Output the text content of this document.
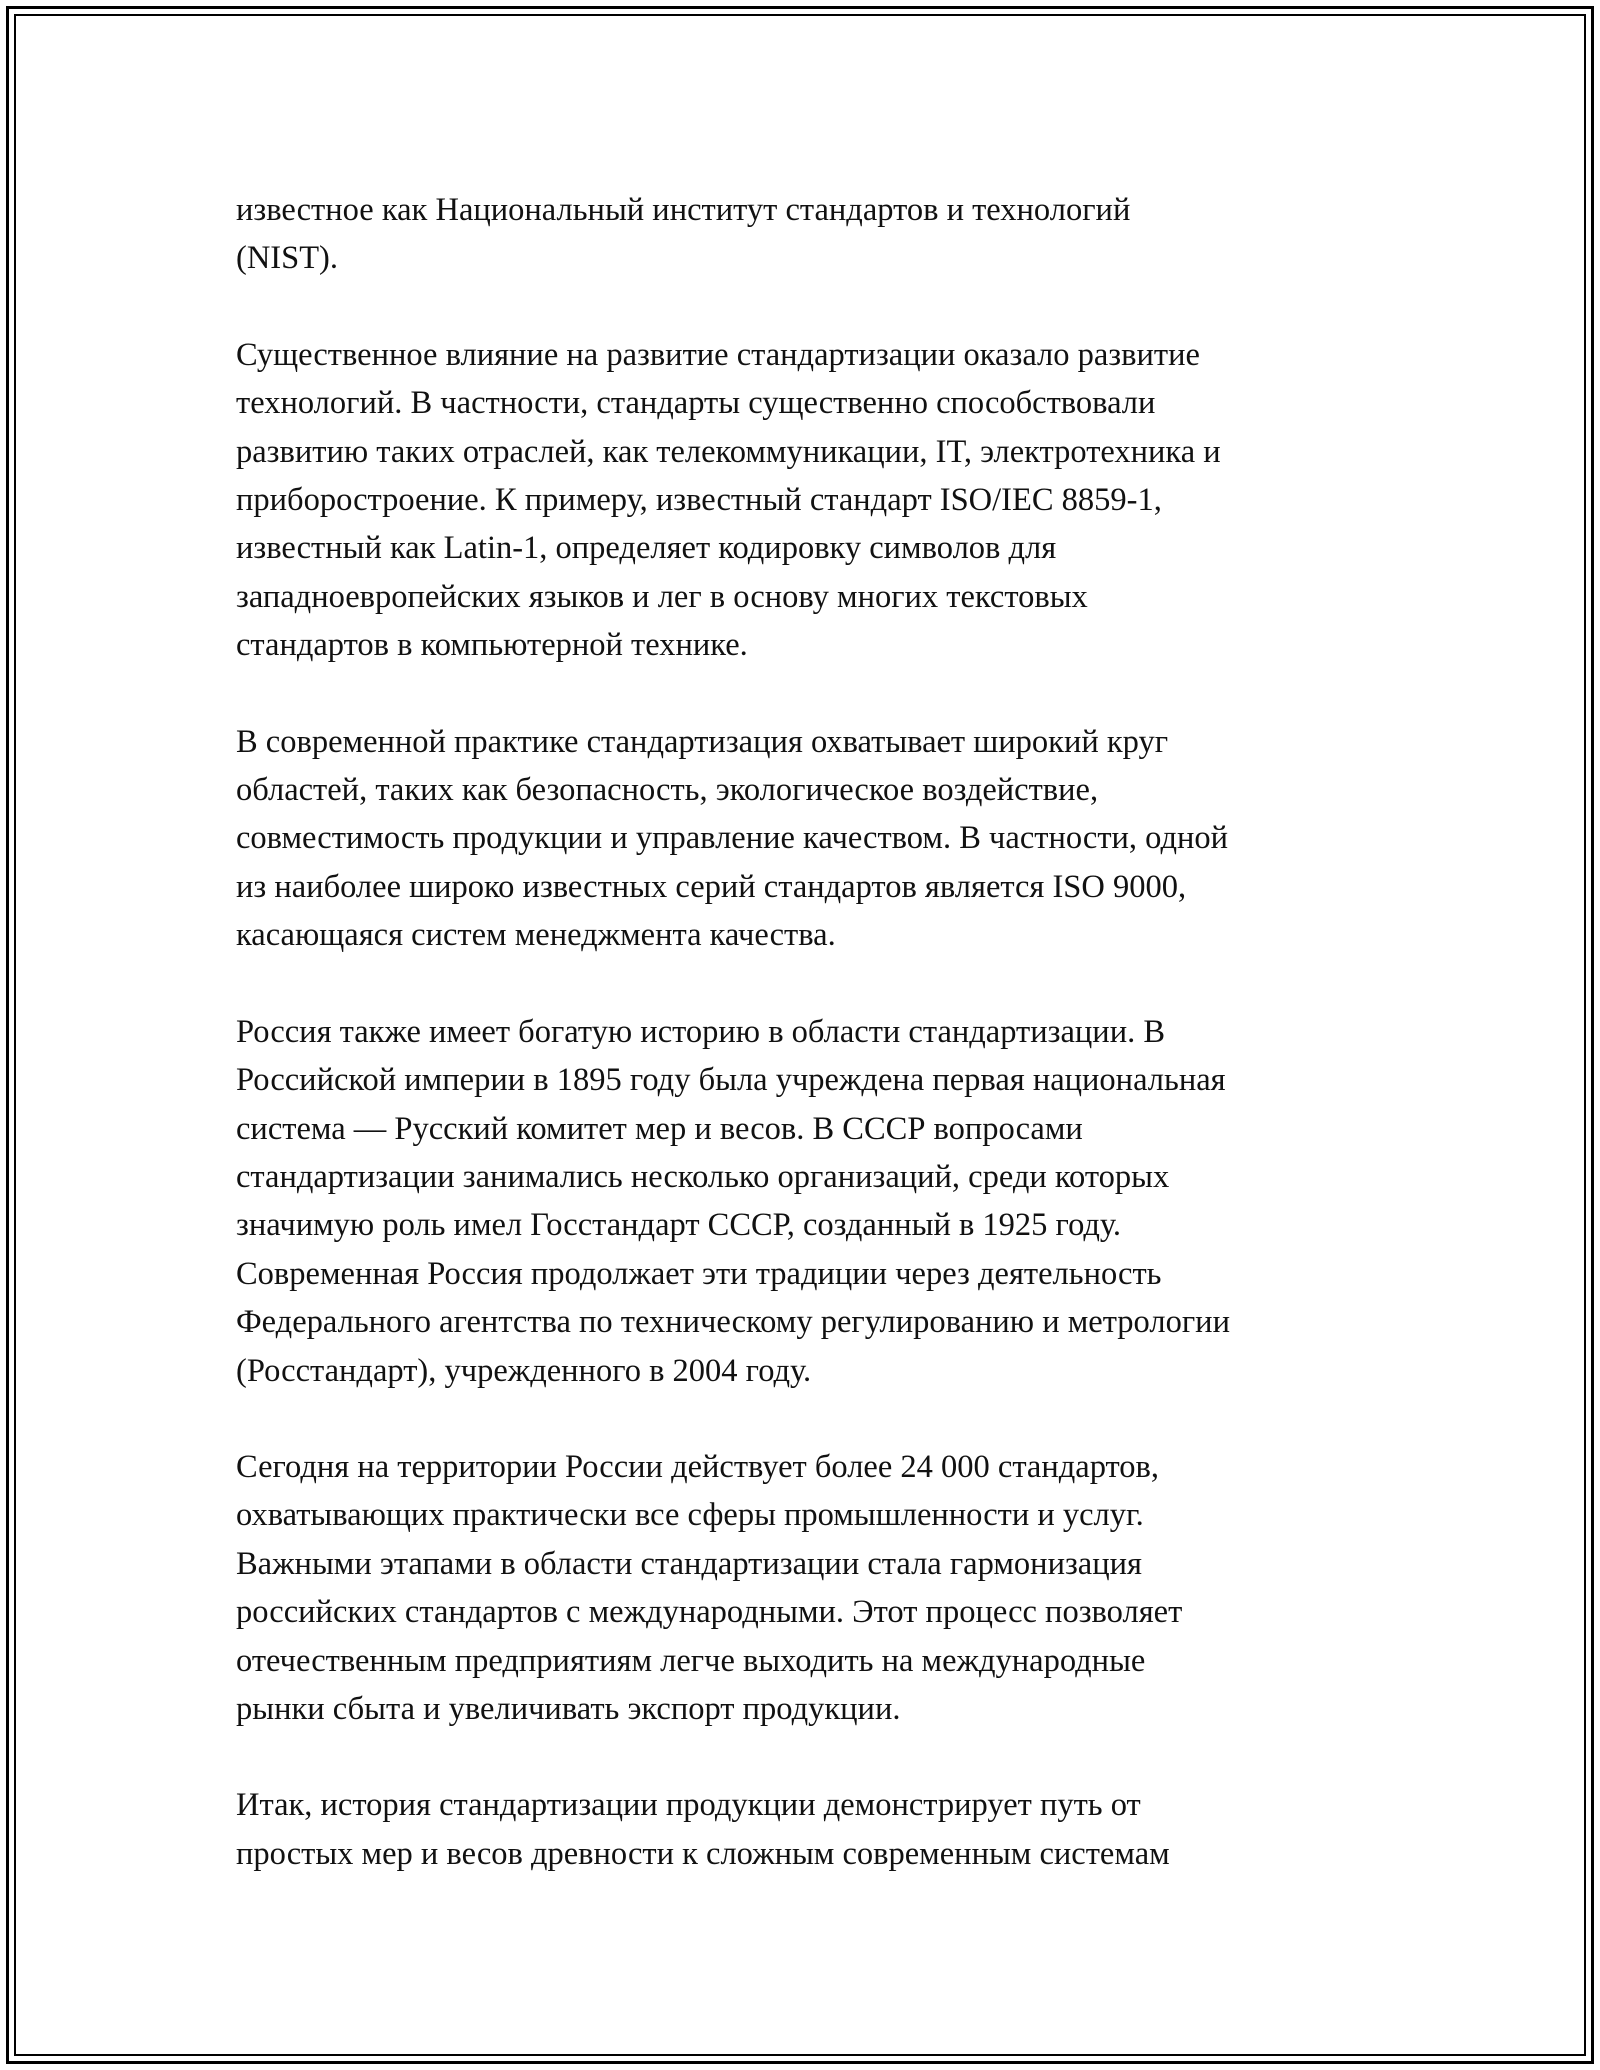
известное как Национальный институт стандартов и технологий
(NIST).

Существенное влияние на развитие стандартизации оказало развитие
технологий. В частности, стандарты существенно способствовали
развитию таких отраслей, как телекоммуникации, IT, электротехника и
приборостроение. К примеру, известный стандарт ISO/IEC 8859-1,
известный как Latin-1, определяет кодировку символов для
западноевропейских языков и лег в основу многих текстовых
стандартов в компьютерной технике.

В современной практике стандартизация охватывает широкий круг
областей, таких как безопасность, экологическое воздействие,
совместимость продукции и управление качеством. В частности, одной
из наиболее широко известных серий стандартов является ISO 9000,
касающаяся систем менеджмента качества.

Россия также имеет богатую историю в области стандартизации. В
Российской империи в 1895 году была учреждена первая национальная
система — Русский комитет мер и весов. В СССР вопросами
стандартизации занимались несколько организаций, среди которых
значимую роль имел Госстандарт СССР, созданный в 1925 году.
Современная Россия продолжает эти традиции через деятельность
Федерального агентства по техническому регулированию и метрологии
(Росстандарт), учрежденного в 2004 году.

Сегодня на территории России действует более 24 000 стандартов,
охватывающих практически все сферы промышленности и услуг.
Важными этапами в области стандартизации стала гармонизация
российских стандартов с международными. Этот процесс позволяет
отечественным предприятиям легче выходить на международные
рынки сбыта и увеличивать экспорт продукции.

Итак, история стандартизации продукции демонстрирует путь от
простых мер и весов древности к сложным современным системам
